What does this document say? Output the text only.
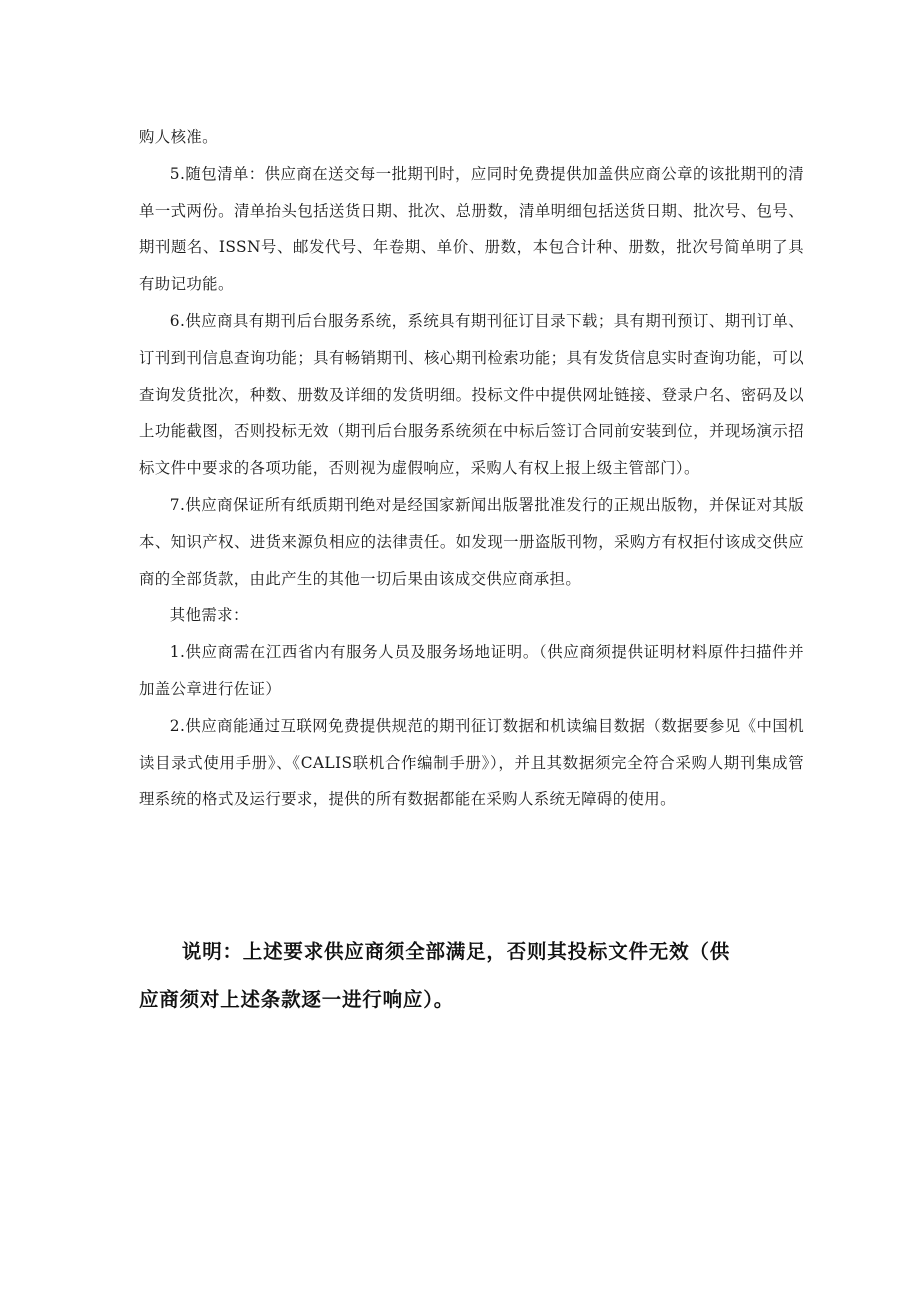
购人核准。

5.随包清单：供应商在送交每一批期刊时，应同时免费提供加盖供应商公章的该批期刊的清单一式两份。清单抬头包括送货日期、批次、总册数，清单明细包括送货日期、批次号、包号、期刊题名、ISSN号、邮发代号、年卷期、单价、册数，本包合计种、册数，批次号简单明了具有助记功能。

6.供应商具有期刊后台服务系统，系统具有期刊征订目录下载；具有期刊预订、期刊订单、订刊到刊信息查询功能；具有畅销期刊、核心期刊检索功能；具有发货信息实时查询功能，可以查询发货批次，种数、册数及详细的发货明细。投标文件中提供网址链接、登录户名、密码及以上功能截图，否则投标无效（期刊后台服务系统须在中标后签订合同前安装到位，并现场演示招标文件中要求的各项功能，否则视为虚假响应，采购人有权上报上级主管部门）。

7.供应商保证所有纸质期刊绝对是经国家新闻出版署批准发行的正规出版物，并保证对其版本、知识产权、进货来源负相应的法律责任。如发现一册盗版刊物，采购方有权拒付该成交供应商的全部货款，由此产生的其他一切后果由该成交供应商承担。

其他需求：

1.供应商需在江西省内有服务人员及服务场地证明。（供应商须提供证明材料原件扫描件并加盖公章进行佐证）

2.供应商能通过互联网免费提供规范的期刊征订数据和机读编目数据（数据要参见《中国机读目录式使用手册》、《CALIS联机合作编制手册》），并且其数据须完全符合采购人期刊集成管理系统的格式及运行要求，提供的所有数据都能在采购人系统无障碍的使用。

说明：上述要求供应商须全部满足，否则其投标文件无效（供应商须对上述条款逐一进行响应）。
